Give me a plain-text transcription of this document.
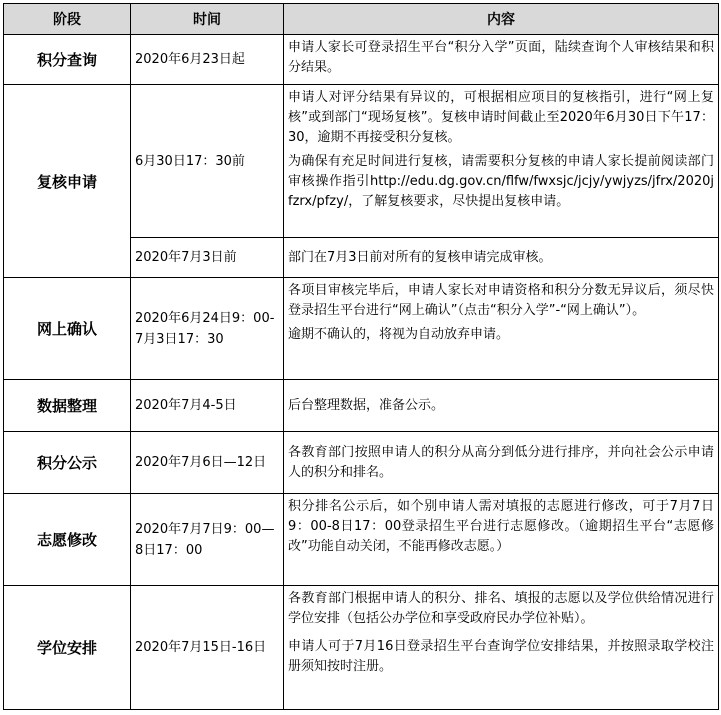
阶段	时间	内容
积分查询	2020年6月23日起	申请人家长可登录招生平台“积分入学”页面，陆续查询个人审核结果和积分结果。

复核申请	6月30日17：30前	申请人对评分结果有异议的，可根据相应项目的复核指引，进行“网上复核”或到部门“现场复核”。复核申请时间截止至2020年6月30日下午17：30，逾期不再接受积分复核。

为确保有充足时间进行复核，请需要积分复核的申请人家长提前阅读部门审核操作指引http://edu.dg.gov.cn/flfw/fwxsjc/jcjy/ywjyzs/jfrx/2020jfzrx/pfzy/，了解复核要求，尽快提出复核申请。

	2020年7月3日前	部门在7月3日前对所有的复核申请完成审核。

网上确认	2020年6月24日9：00-7月3日17：30	各项目审核完毕后，申请人家长对申请资格和积分分数无异议后，须尽快登录招生平台进行“网上确认”（点击“积分入学”-“网上确认”）。

逾期不确认的，将视为自动放弃申请。

数据整理	2020年7月4-5日	后台整理数据，准备公示。

积分公示	2020年7月6日—12日	各教育部门按照申请人的积分从高分到低分进行排序，并向社会公示申请人的积分和排名。

志愿修改	2020年7月7日9：00—8日17：00	积分排名公示后，如个别申请人需对填报的志愿进行修改，可于7月7日9：00-8日17：00登录招生平台进行志愿修改。（逾期招生平台“志愿修改”功能自动关闭，不能再修改志愿。）

学位安排	2020年7月15日-16日	各教育部门根据申请人的积分、排名、填报的志愿以及学位供给情况进行学位安排（包括公办学位和享受政府民办学位补贴）。

申请人可于7月16日登录招生平台查询学位安排结果，并按照录取学校注册须知按时注册。
